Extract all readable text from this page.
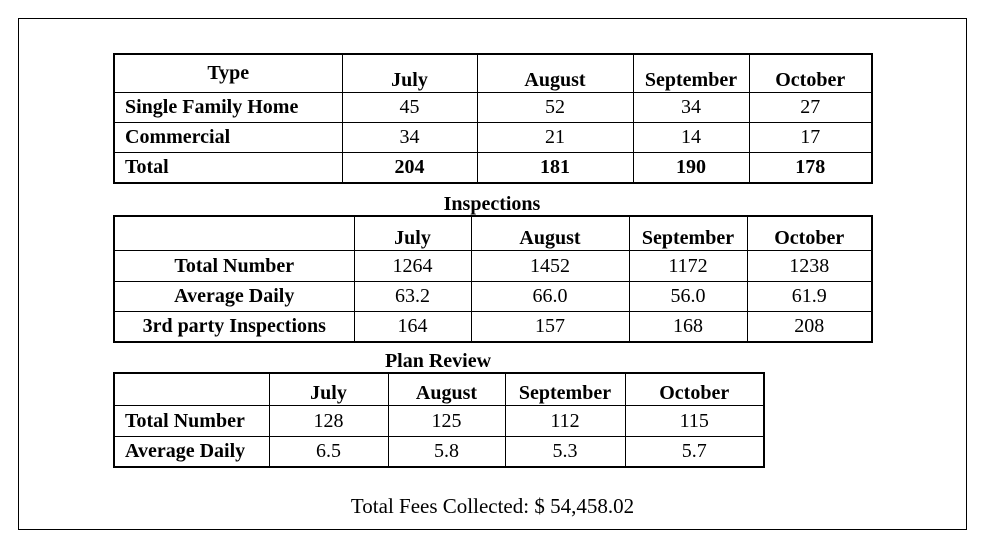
Type	July	August	September	October
Single Family Home	45	52	34	27
Commercial	34	21	14	17
Total	204	181	190	178
Inspections
	July	August	September	October
Total Number	1264	1452	1172	1238
Average Daily	63.2	66.0	56.0	61.9
3rd party Inspections	164	157	168	208
Plan Review
	July	August	September	October
Total Number	128	125	112	115
Average Daily	6.5	5.8	5.3	5.7
Total Fees Collected: $ 54,458.02
